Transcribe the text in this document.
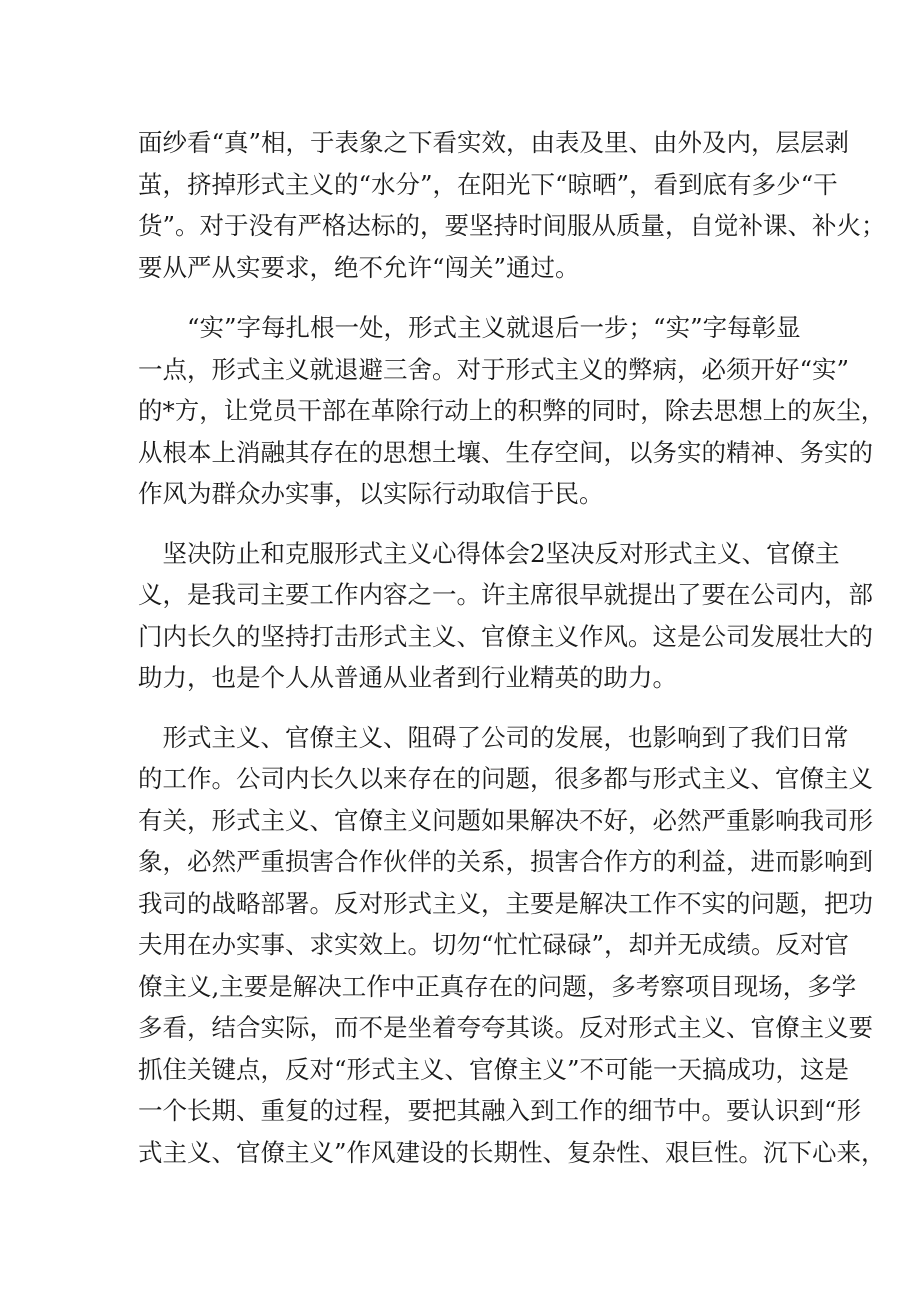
面纱看“真”相，于表象之下看实效，由表及里、由外及内，层层剥
茧，挤掉形式主义的“水分”，在阳光下“晾晒”，看到底有多少“干
货”。对于没有严格达标的，要坚持时间服从质量，自觉补课、补火；
要从严从实要求，绝不允许“闯关”通过。
　　“实”字每扎根一处，形式主义就退后一步；“实”字每彰显
一点，形式主义就退避三舍。对于形式主义的弊病，必须开好“实”
的*方，让党员干部在革除行动上的积弊的同时，除去思想上的灰尘，
从根本上消融其存在的思想土壤、生存空间，以务实的精神、务实的
作风为群众办实事，以实际行动取信于民。
　坚决防止和克服形式主义心得体会2坚决反对形式主义、官僚主
义，是我司主要工作内容之一。许主席很早就提出了要在公司内，部
门内长久的坚持打击形式主义、官僚主义作风。这是公司发展壮大的
助力，也是个人从普通从业者到行业精英的助力。
　形式主义、官僚主义、阻碍了公司的发展，也影响到了我们日常
的工作。公司内长久以来存在的问题，很多都与形式主义、官僚主义
有关，形式主义、官僚主义问题如果解决不好，必然严重影响我司形
象，必然严重损害合作伙伴的关系，损害合作方的利益，进而影响到
我司的战略部署。反对形式主义，主要是解决工作不实的问题，把功
夫用在办实事、求实效上。切勿“忙忙碌碌”，却并无成绩。反对官
僚主义,主要是解决工作中正真存在的问题，多考察项目现场，多学
多看，结合实际，而不是坐着夸夸其谈。反对形式主义、官僚主义要
抓住关键点，反对“形式主义、官僚主义”不可能一天搞成功，这是
一个长期、重复的过程，要把其融入到工作的细节中。要认识到“形
式主义、官僚主义”作风建设的长期性、复杂性、艰巨性。沉下心来，
